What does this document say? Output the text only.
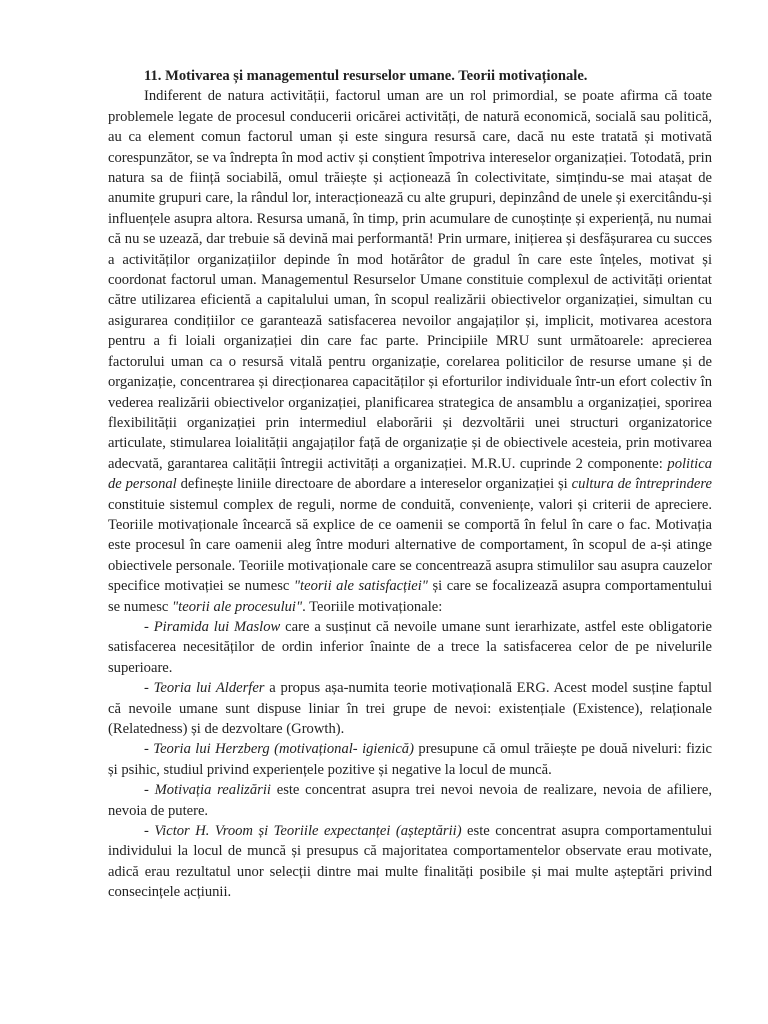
11. Motivarea și managementul resurselor umane. Teorii motivaționale.

Indiferent de natura activității, factorul uman are un rol primordial, se poate afirma că toate problemele legate de procesul conducerii oricărei activități, de natură economică, socială sau politică, au ca element comun factorul uman și este singura resursă care, dacă nu este tratată și motivată corespunzător, se va îndrepta în mod activ și conștient împotriva intereselor organizației. Totodată, prin natura sa de ființă sociabilă, omul trăiește și acționează în colectivitate, simțindu-se mai atașat de anumite grupuri care, la rândul lor, interacționează cu alte grupuri, depinzând de unele și exercitându-și influențele asupra altora. Resursa umană, în timp, prin acumulare de cunoștințe și experiență, nu numai că nu se uzează, dar trebuie să devină mai performantă! Prin urmare, inițierea și desfășurarea cu succes a activităților organizațiilor depinde în mod hotărâtor de gradul în care este înțeles, motivat și coordonat factorul uman. Managementul Resurselor Umane constituie complexul de activități orientat către utilizarea eficientă a capitalului uman, în scopul realizării obiectivelor organizației, simultan cu asigurarea condițiilor ce garantează satisfacerea nevoilor angajaților și, implicit, motivarea acestora pentru a fi loiali organizației din care fac parte. Principiile MRU sunt următoarele: aprecierea factorului uman ca o resursă vitală pentru organizație, corelarea politicilor de resurse umane și de organizație, concentrarea și direcționarea capacităților și eforturilor individuale într-un efort colectiv în vederea realizării obiectivelor organizației, planificarea strategica de ansamblu a organizației, sporirea flexibilității organizației prin intermediul elaborării și dezvoltării unei structuri organizatorice articulate, stimularea loialității angajaților față de organizație și de obiectivele acesteia, prin motivarea adecvată, garantarea calității întregii activități a organizației. M.R.U. cuprinde 2 componente: politica de personal definește liniile directoare de abordare a intereselor organizației și cultura de întreprindere constituie sistemul complex de reguli, norme de conduită, conveniențe, valori și criterii de apreciere. Teoriile motivaționale încearcă să explice de ce oamenii se comportă în felul în care o fac. Motivația este procesul în care oamenii aleg între moduri alternative de comportament, în scopul de a-și atinge obiectivele personale. Teoriile motivaționale care se concentrează asupra stimulilor sau asupra cauzelor specifice motivației se numesc "teorii ale satisfacției" și care se focalizează asupra comportamentului se numesc "teorii ale procesului". Teoriile motivaționale:

- Piramida lui Maslow care a susținut că nevoile umane sunt ierarhizate, astfel este obligatorie satisfacerea necesităților de ordin inferior înainte de a trece la satisfacerea celor de pe nivelurile superioare.

- Teoria lui Alderfer a propus așa-numita teorie motivațională ERG. Acest model susține faptul că nevoile umane sunt dispuse liniar în trei grupe de nevoi: existențiale (Existence), relaționale (Relatedness) și de dezvoltare (Growth).

- Teoria lui Herzberg (motivațional- igienică) presupune că omul trăiește pe două niveluri: fizic și psihic, studiul privind experiențele pozitive și negative la locul de muncă.

- Motivația realizării este concentrat asupra trei nevoi nevoia de realizare, nevoia de afiliere, nevoia de putere.

- Victor H. Vroom și Teoriile expectanței (așteptării) este concentrat asupra comportamentului individului la locul de muncă și presupus că majoritatea comportamentelor observate erau motivate, adică erau rezultatul unor selecții dintre mai multe finalități posibile și mai multe așteptări privind consecințele acțiunii.
